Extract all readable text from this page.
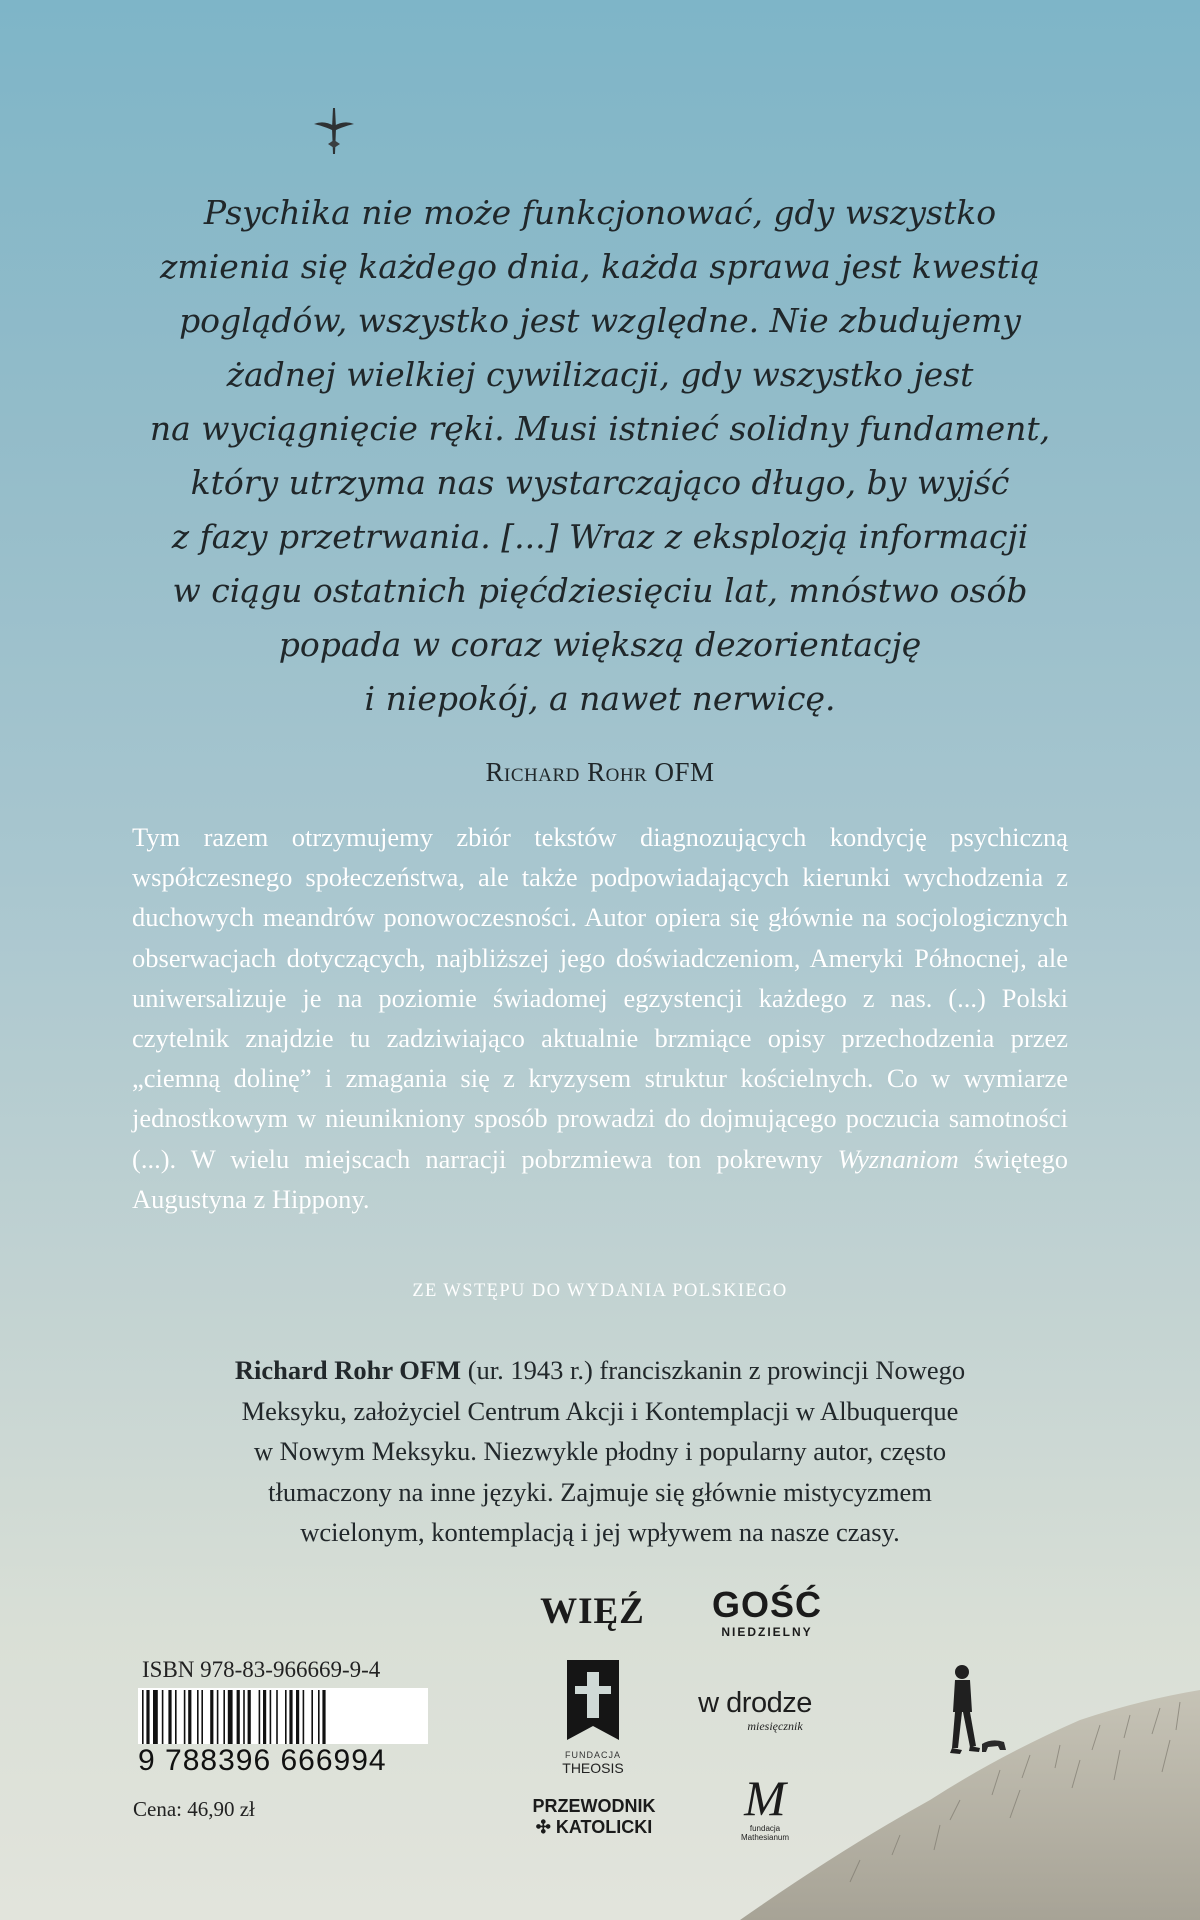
Psychika nie może funkcjonować, gdy wszystko
zmienia się każdego dnia, każda sprawa jest kwestią
poglądów, wszystko jest względne. Nie zbudujemy
żadnej wielkiej cywilizacji, gdy wszystko jest
na wyciągnięcie ręki. Musi istnieć solidny fundament,
który utrzyma nas wystarczająco długo, by wyjść
z fazy przetrwania. [...] Wraz z eksplozją informacji
w ciągu ostatnich pięćdziesięciu lat, mnóstwo osób
popada w coraz większą dezorientację
i niepokój, a nawet nerwicę.

Richard Rohr OFM

Tym razem otrzymujemy zbiór tekstów diagnozujących kondycję psychiczną współczesnego społeczeństwa, ale także podpowiadających kierunki wychodzenia z duchowych meandrów ponowoczesności. Autor opiera się głównie na socjologicznych obserwacjach dotyczących, najbliższej jego doświadczeniom, Ameryki Północnej, ale uniwersalizuje je na poziomie świadomej egzystencji każdego z nas. (...) Polski czytelnik znajdzie tu zadziwiająco aktualnie brzmiące opisy przechodzenia przez „ciemną dolinę” i zmagania się z kryzysem struktur kościelnych. Co w wymiarze jednostkowym w nieunikniony sposób prowadzi do dojmującego poczucia samotności (...). W wielu miejscach narracji pobrzmiewa ton pokrewny Wyznaniom świętego Augustyna z Hippony.

ZE WSTĘPU DO WYDANIA POLSKIEGO

Richard Rohr OFM (ur. 1943 r.) franciszkanin z prowincji Nowego
Meksyku, założyciel Centrum Akcji i Kontemplacji w Albuquerque
w Nowym Meksyku. Niezwykle płodny i popularny autor, często
tłumaczony na inne języki. Zajmuje się głównie mistycyzmem
wcielonym, kontemplacją i jej wpływem na nasze czasy.

ISBN 978-83-966669-9-4
9 788396 666994
Cena: 46,90 zł
WIĘŹ GOŚĆ
NIEDZIELNY
FUNDACJA
THEOSIS
w drodze
miesięcznik
PRZEWODNIK
✣ KATOLICKI
M
fundacja
Mathesianum
